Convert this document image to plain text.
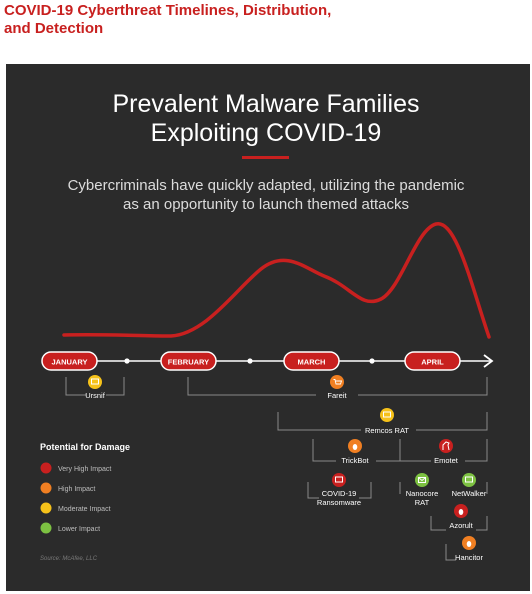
COVID-19 Cyberthreat Timelines, Distribution,
and Detection
Prevalent Malware Families
Exploiting COVID-19
Cybercriminals have quickly adapted, utilizing the pandemic
as an opportunity to launch themed attacks
JANUARY	FEBRUARY	MARCH	APRIL
Ursnif	Fareit
Remcos RAT
TrickBot	Emotet
COVID-19
Ransomware
Nanocore
RAT
NetWalker
Azorult
Hancitor
Potential for Damage
Very High Impact
High Impact
Moderate Impact
Lower Impact
Source: McAfee, LLC
